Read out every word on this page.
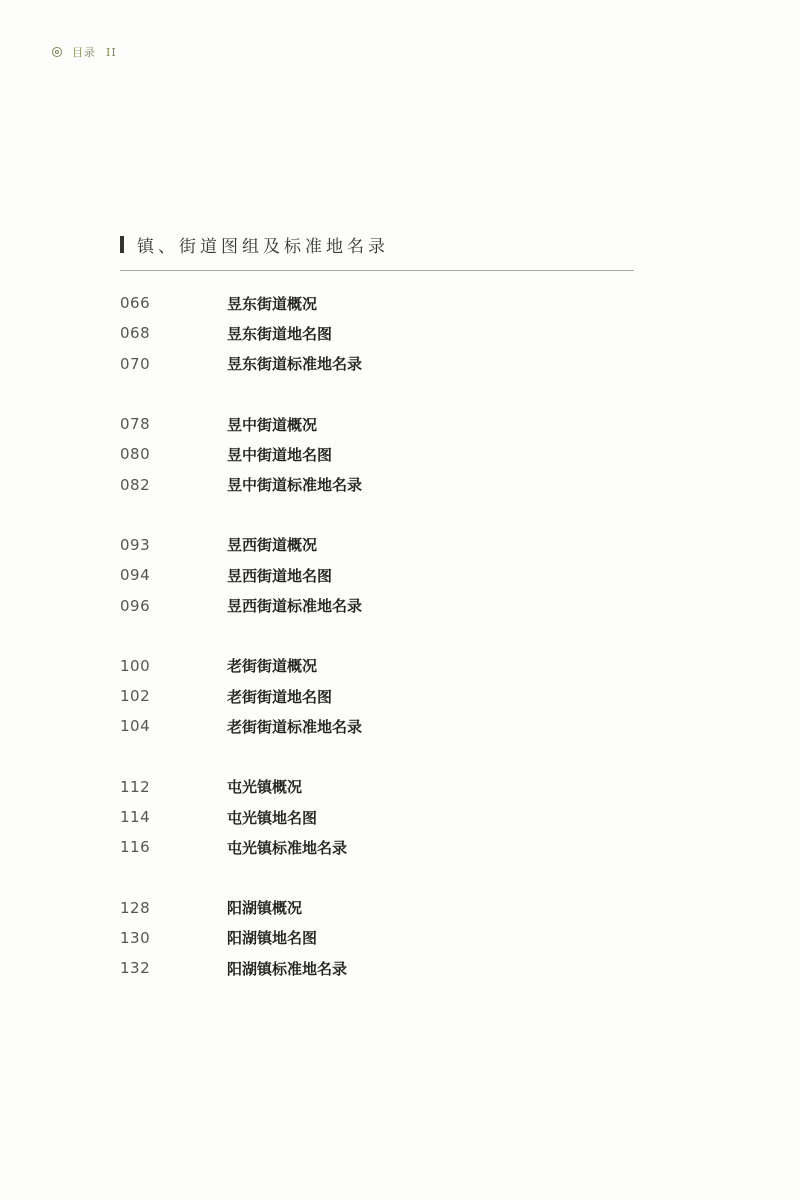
目录 II
镇、街道图组及标准地名录
066	昱东街道概况
068	昱东街道地名图
070	昱东街道标准地名录
078	昱中街道概况
080	昱中街道地名图
082	昱中街道标准地名录
093	昱西街道概况
094	昱西街道地名图
096	昱西街道标准地名录
100	老街街道概况
102	老街街道地名图
104	老街街道标准地名录
112	屯光镇概况
114	屯光镇地名图
116	屯光镇标准地名录
128	阳湖镇概况
130	阳湖镇地名图
132	阳湖镇标准地名录
